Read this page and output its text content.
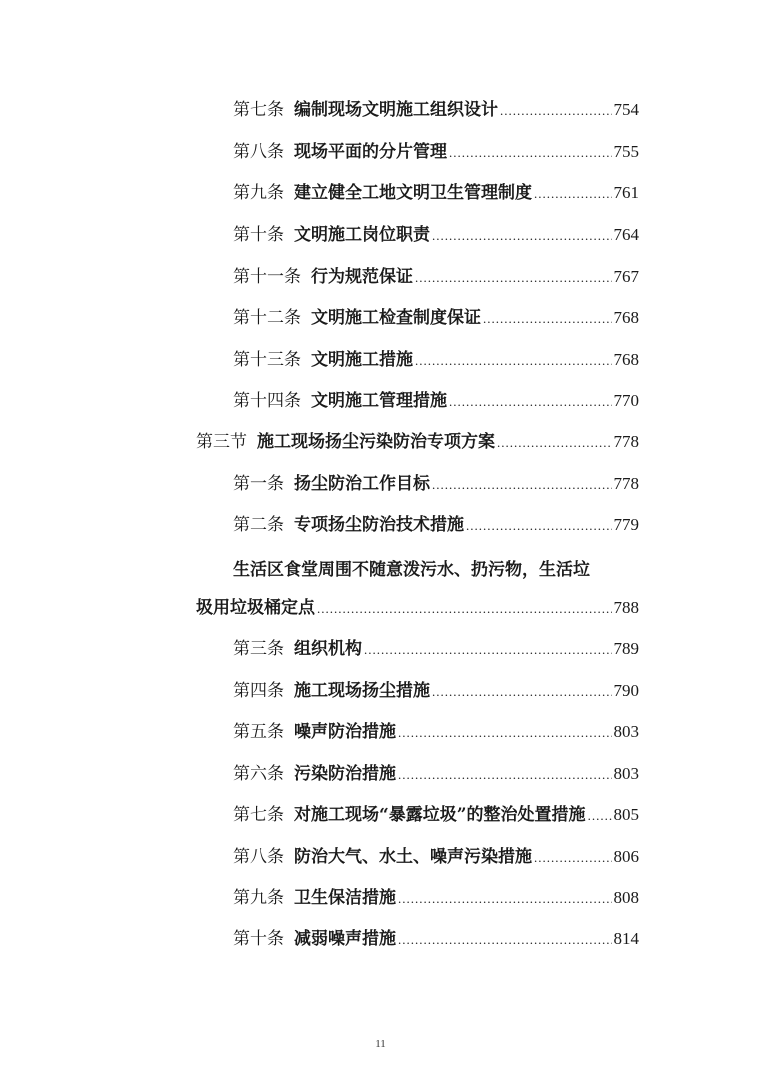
第七条 编制现场文明施工组织设计 .....	754
第八条 现场平面的分片管理 .....	755
第九条 建立健全工地文明卫生管理制度 .....	761
第十条 文明施工岗位职责 .....	764
第十一条 行为规范保证 .....	767
第十二条 文明施工检查制度保证 .....	768
第十三条 文明施工措施 .....	768
第十四条 文明施工管理措施 .....	770
第三节 施工现场扬尘污染防治专项方案 .....	778
第一条 扬尘防治工作目标 .....	778
第二条 专项扬尘防治技术措施 .....	779
生活区食堂周围不随意泼污水、扔污物，生活垃
圾用垃圾桶定点 .....	788
第三条 组织机构 .....	789
第四条 施工现场扬尘措施 .....	790
第五条 噪声防治措施 .....	803
第六条 污染防治措施 .....	803
第七条 对施工现场“暴露垃圾”的整治处置措施 ..... 805
第八条 防治大气、水土、噪声污染措施 .....	806
第九条 卫生保洁措施 .....	808
第十条 减弱噪声措施 .....	814
11
